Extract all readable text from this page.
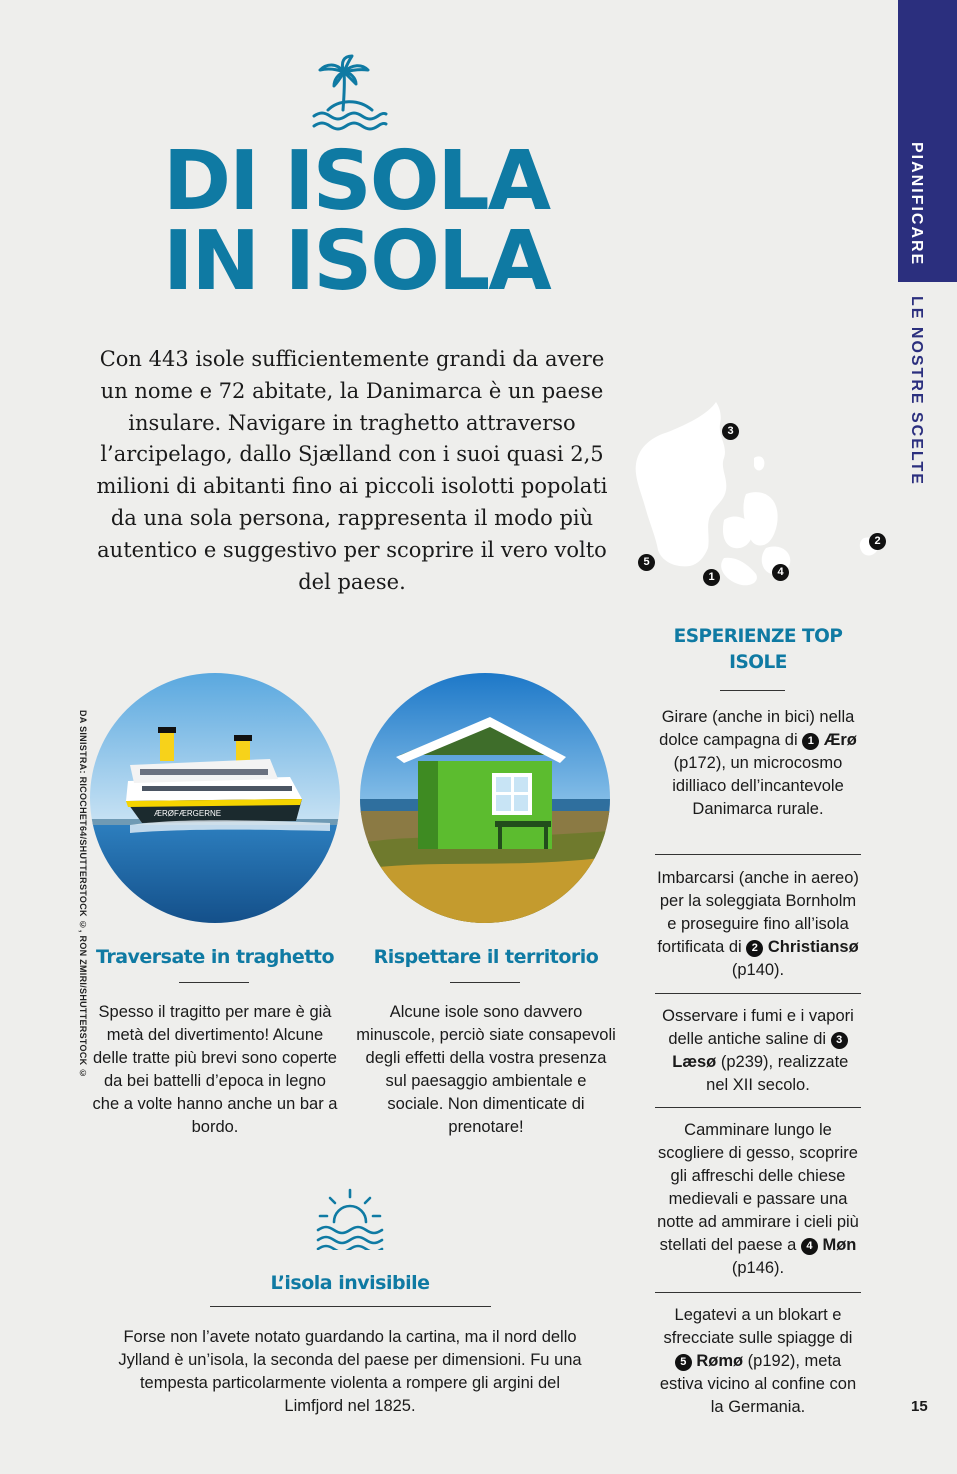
PIANIFICARE
LE NOSTRE SCELTE
DI ISOLA
IN ISOLA
Con 443 isole sufficientemente grandi da avere un nome e 72 abitate, la Danimarca è un paese insulare. Navigare in traghetto attraverso l’arcipelago, dallo Sjælland con i suoi quasi 2,5 milioni di abitanti fino ai piccoli isolotti popolati da una sola persona, rappresenta il modo più autentico e suggestivo per scoprire il vero volto del paese.
DA SINISTRA: RICOCHET64/SHUTTERSTOCK ©, RON ZMIRI/SHUTTERSTOCK ©	ÆRØFÆRGERNE
Traversate in traghetto
Spesso il tragitto per mare è già metà del divertimento! Alcune delle tratte più brevi sono coperte da bei battelli d’epoca in legno che a volte hanno anche un bar a bordo.
Rispettare il territorio
Alcune isole sono davvero minuscole, perciò siate consapevoli degli effetti della vostra presenza sul paesaggio ambientale e sociale. Non dimenticate di prenotare!
L’isola invisibile
Forse non l’avete notato guardando la cartina, ma il nord dello Jylland è un’isola, la seconda del paese per dimensioni. Fu una tempesta particolarmente violenta a rompere gli argini del Limfjord nel 1825.
3
2
5
1	4
ESPERIENZE TOP
ISOLE
Girare (anche in bici) nella dolce campagna di 1 Ærø (p172), un microcosmo idilliaco dell’incantevole Danimarca rurale.
Imbarcarsi (anche in aereo) per la soleggiata Bornholm e proseguire fino all’isola fortificata di 2 Christiansø (p140).
Osservare i fumi e i vapori delle antiche saline di 3 Læsø (p239), realizzate nel XII secolo.
Camminare lungo le scogliere di gesso, scoprire gli affreschi delle chiese medievali e passare una notte ad ammirare i cieli più stellati del paese a 4 Møn (p146).
Legatevi a un blokart e sfrecciate sulle spiagge di 5 Rømø (p192), meta estiva vicino al confine con la Germania.	15
